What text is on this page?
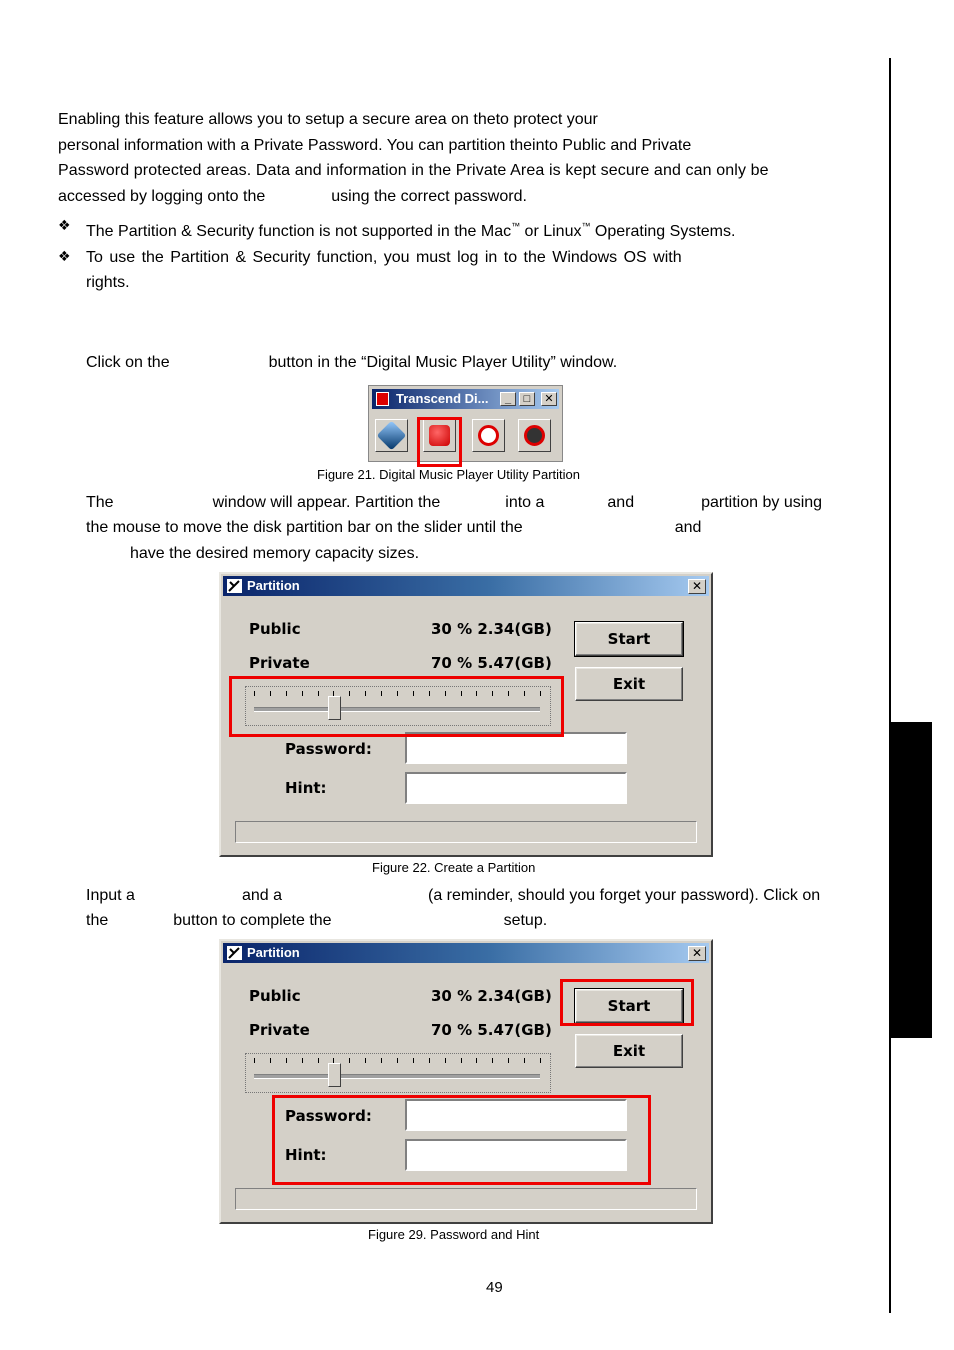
Enabling this feature allows you to setup a secure area on theto protect your
personal information with a Private Password. You can partition theinto Public and Private
Password protected areas. Data and information in the Private Area is kept secure and can only be
accessed by logging onto the	using the correct password.
❖ The Partition & Security function is not supported in the Mac™ or Linux™ Operating Systems.
❖ To use the Partition & Security function, you must log in to the Windows OS with
rights.
Click on the	button in the “Digital Music Player Utility” window.
Transcend Di...	_	□	✕
Figure 21. Digital Music Player Utility Partition
The	window will appear. Partition the	into a	and	partition by using
the mouse to move the disk partition bar on the slider until the	and
have the desired memory capacity sizes.
Partition	✕
Public	30 % 2.34(GB)
Private	70 % 5.47(GB)
Start
Exit
Password:
Hint:
Figure 22. Create a Partition
Input a	and a	(a reminder, should you forget your password). Click on
the	button to complete the	setup.
Partition	✕
Public	30 % 2.34(GB)
Private	70 % 5.47(GB)
Start
Exit
Password:
Hint:
Figure 29. Password and Hint
49
